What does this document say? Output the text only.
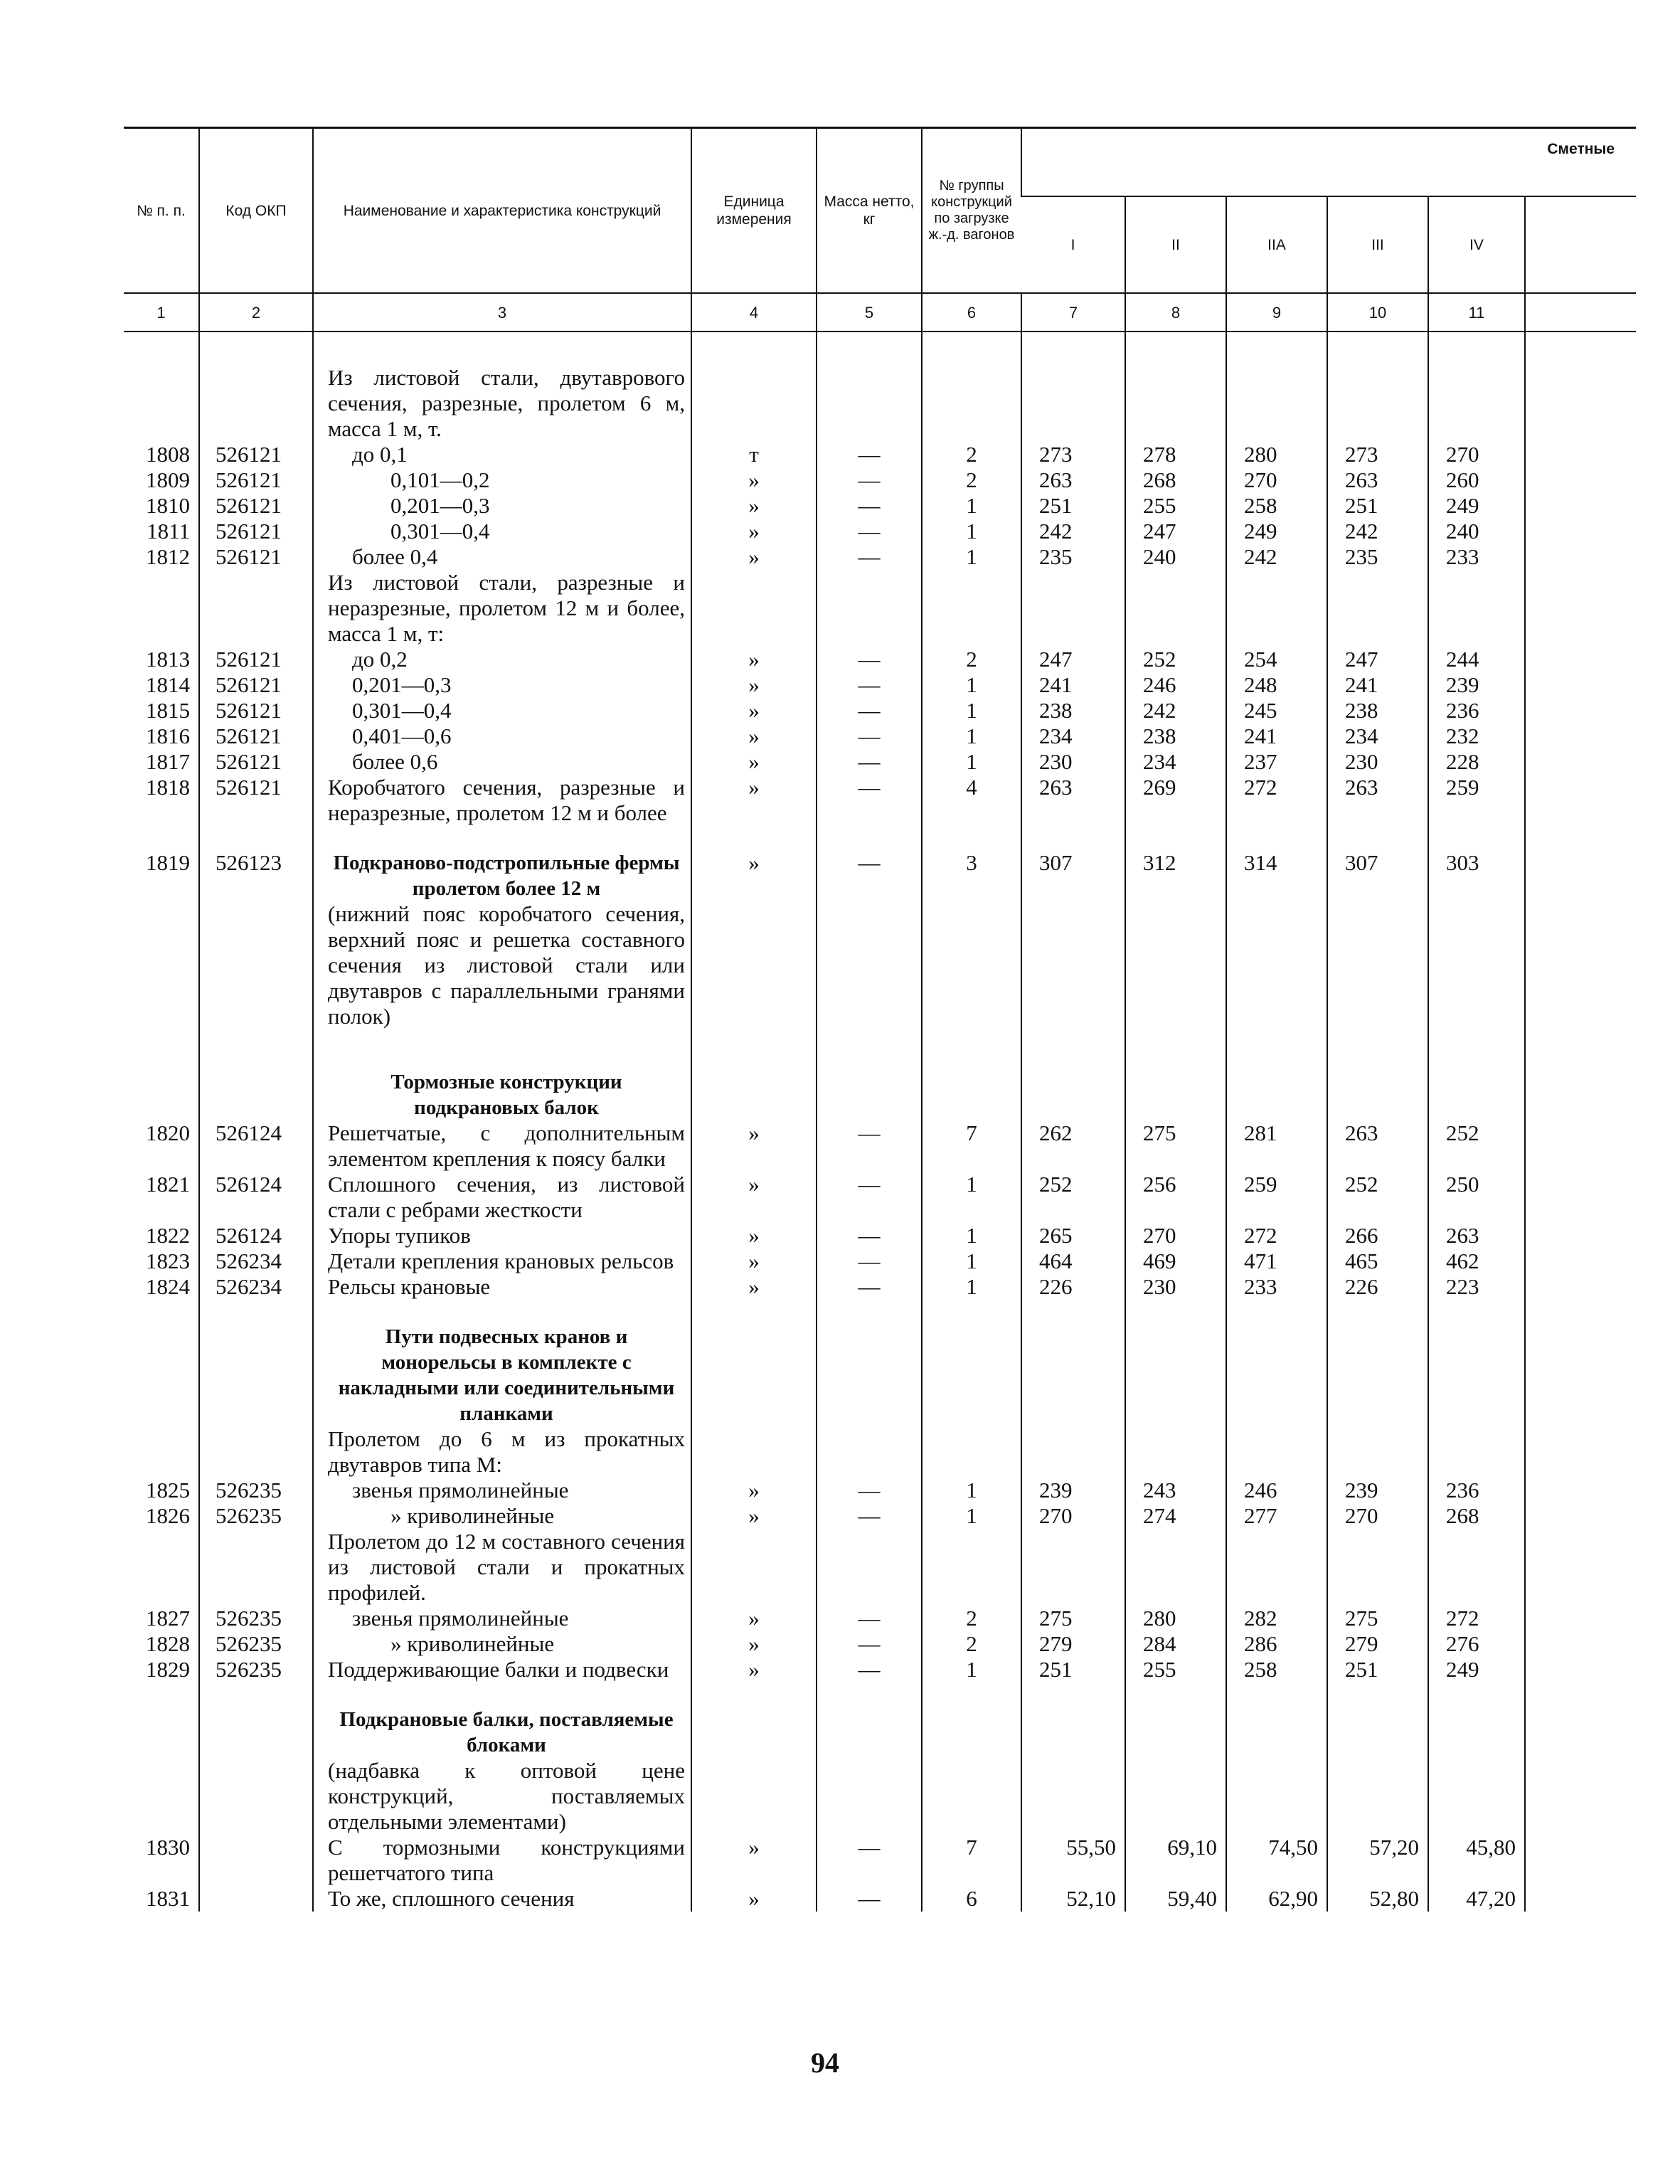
№ п. п.	Код ОКП	Наименование и характеристика конструкций	Единица измерения	Масса нетто, кг	№ группы конструкций по загрузке ж.-д. вагонов	Сметные					
						I	II	IIA	III	IV	
1	2	3	4	5	6	7	8	9	10	11	

		Из листовой стали, двутаврового сечения, разрезные, пролетом 6 м, масса 1 м, т.									

1808	526121	до 0,1	т	—	2	273	278	280	273	270	
1809	526121	0,101—0,2	»	—	2	263	268	270	263	260	
1810	526121	0,201—0,3	»	—	1	251	255	258	251	249	
1811	526121	0,301—0,4	»	—	1	242	247	249	242	240	
1812	526121	более 0,4	»	—	1	235	240	242	235	233	

		Из листовой стали, разрезные и неразрезные, пролетом 12 м и более, масса 1 м, т:									

1813	526121	до 0,2	»	—	2	247	252	254	247	244	
1814	526121	0,201—0,3	»	—	1	241	246	248	241	239	
1815	526121	0,301—0,4	»	—	1	238	242	245	238	236	
1816	526121	0,401—0,6	»	—	1	234	238	241	234	232	
1817	526121	более 0,6	»	—	1	230	234	237	230	228	
1818	526121	Коробчатого сечения, разрезные и неразрезные, пролетом 12 м и более	»	—	4	263	269	272	263	259	
1819	526123	Подкраново-подстропильные фермы пролетом более 12 м
(нижний пояс коробчатого сечения, верхний пояс и решетка составного сечения из листовой стали или двутавров с параллельными гранями полок)	»	—	3	307	312	314	307	303	

		Тормозные конструкции подкрановых балок									

1820	526124	Решетчатые, с дополнительным элементом крепления к поясу балки	»	—	7	262	275	281	263	252	
1821	526124	Сплошного сечения, из листовой стали с ребрами жесткости	»	—	1	252	256	259	252	250	
1822	526124	Упоры тупиков	»	—	1	265	270	272	266	263	
1823	526234	Детали крепления крановых рельсов	»	—	1	464	469	471	465	462	
1824	526234	Рельсы крановые	»	—	1	226	230	233	226	223	

		Пути подвесных кранов и монорельсы в комплекте с накладными или соединительными планками									

		Пролетом до 6 м из прокатных двутавров типа М:									

1825	526235	звенья прямолинейные	»	—	1	239	243	246	239	236	
1826	526235	» криволинейные	»	—	1	270	274	277	270	268	

		Пролетом до 12 м составного сечения из листовой стали и прокатных профилей.									

1827	526235	звенья прямолинейные	»	—	2	275	280	282	275	272	
1828	526235	» криволинейные	»	—	2	279	284	286	279	276	
1829	526235	Поддерживающие балки и подвески	»	—	1	251	255	258	251	249	

		Подкрановые балки, поставляемые блоками
(надбавка к оптовой цене конструкций, поставляемых отдельными элементами)									

1830		С тормозными конструкциями решетчатого типа	»	—	7	55,50	69,10	74,50	57,20	45,80	
1831		То же, сплошного сечения	»	—	6	52,10	59,40	62,90	52,80	47,20	
94
